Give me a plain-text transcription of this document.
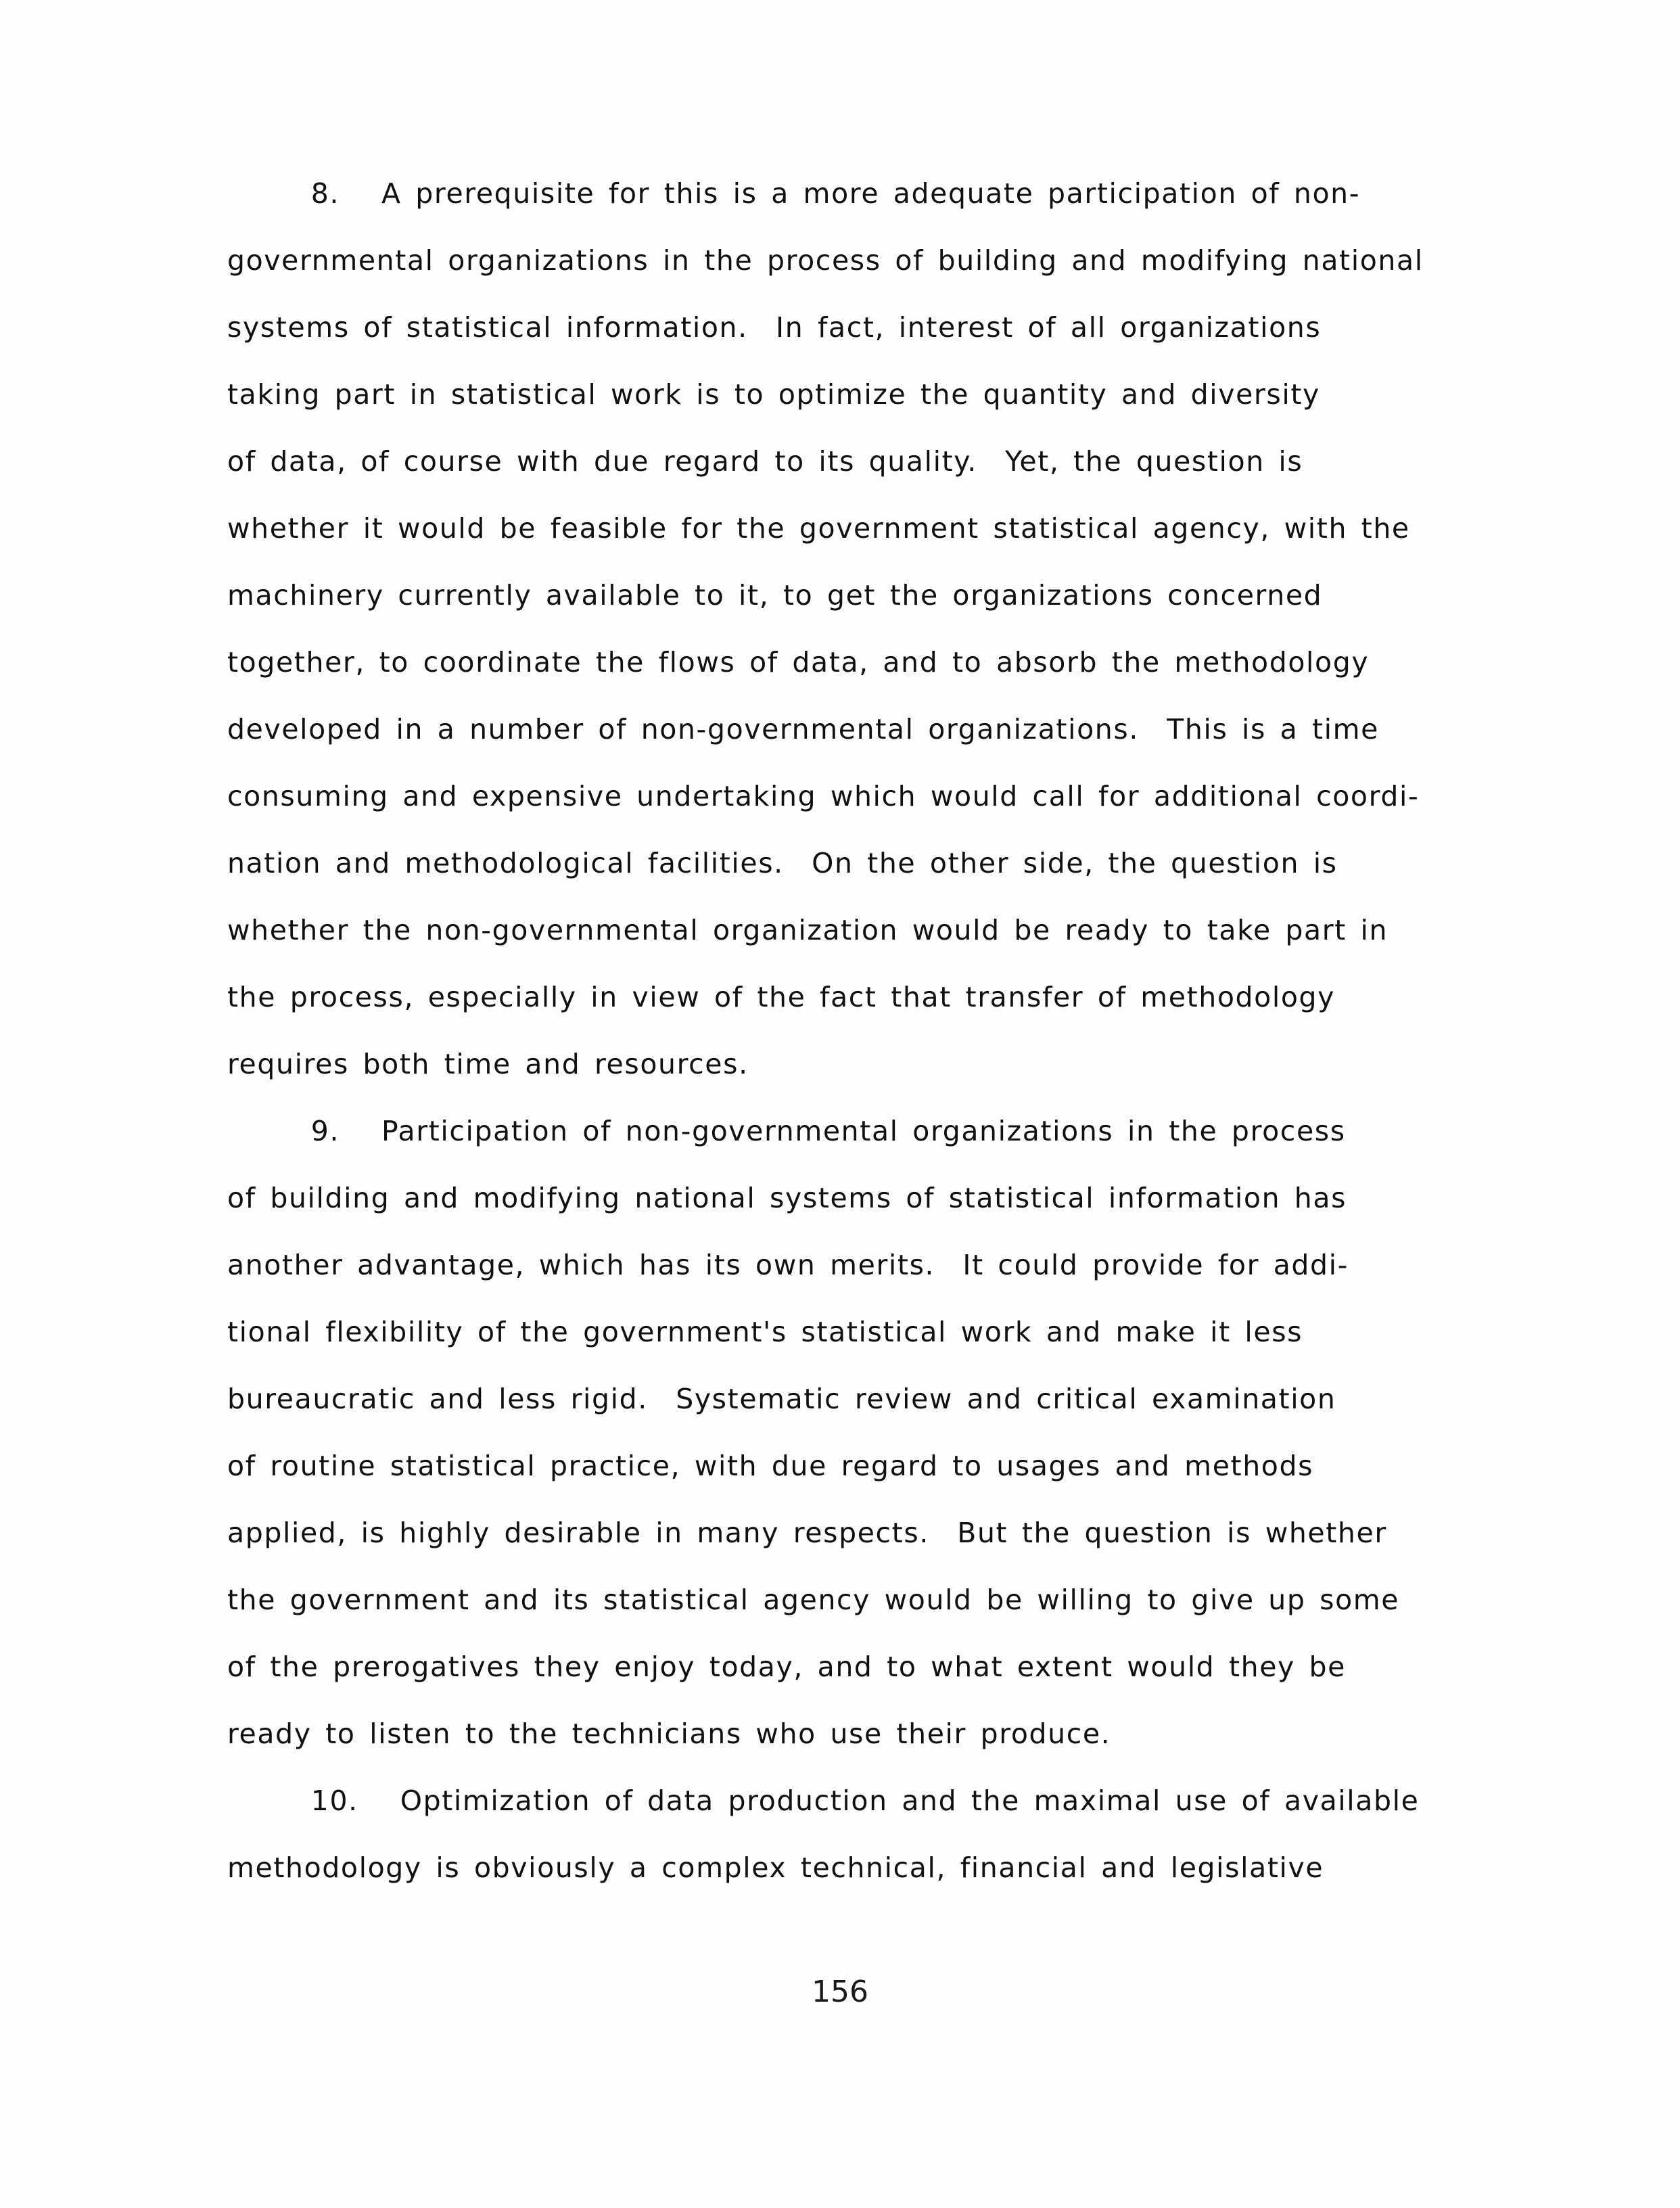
8.   A prerequisite for this is a more adequate participation of non-
governmental organizations in the process of building and modifying national
systems of statistical information.  In fact, interest of all organizations
taking part in statistical work is to optimize the quantity and diversity
of data, of course with due regard to its quality.  Yet, the question is
whether it would be feasible for the government statistical agency, with the
machinery currently available to it, to get the organizations concerned
together, to coordinate the flows of data, and to absorb the methodology
developed in a number of non-governmental organizations.  This is a time
consuming and expensive undertaking which would call for additional coordi-
nation and methodological facilities.  On the other side, the question is
whether the non-governmental organization would be ready to take part in
the process, especially in view of the fact that transfer of methodology
requires both time and resources.
9.   Participation of non-governmental organizations in the process
of building and modifying national systems of statistical information has
another advantage, which has its own merits.  It could provide for addi-
tional flexibility of the government's statistical work and make it less
bureaucratic and less rigid.  Systematic review and critical examination
of routine statistical practice, with due regard to usages and methods
applied, is highly desirable in many respects.  But the question is whether
the government and its statistical agency would be willing to give up some
of the prerogatives they enjoy today, and to what extent would they be
ready to listen to the technicians who use their produce.
10.   Optimization of data production and the maximal use of available
methodology is obviously a complex technical, financial and legislative
156
